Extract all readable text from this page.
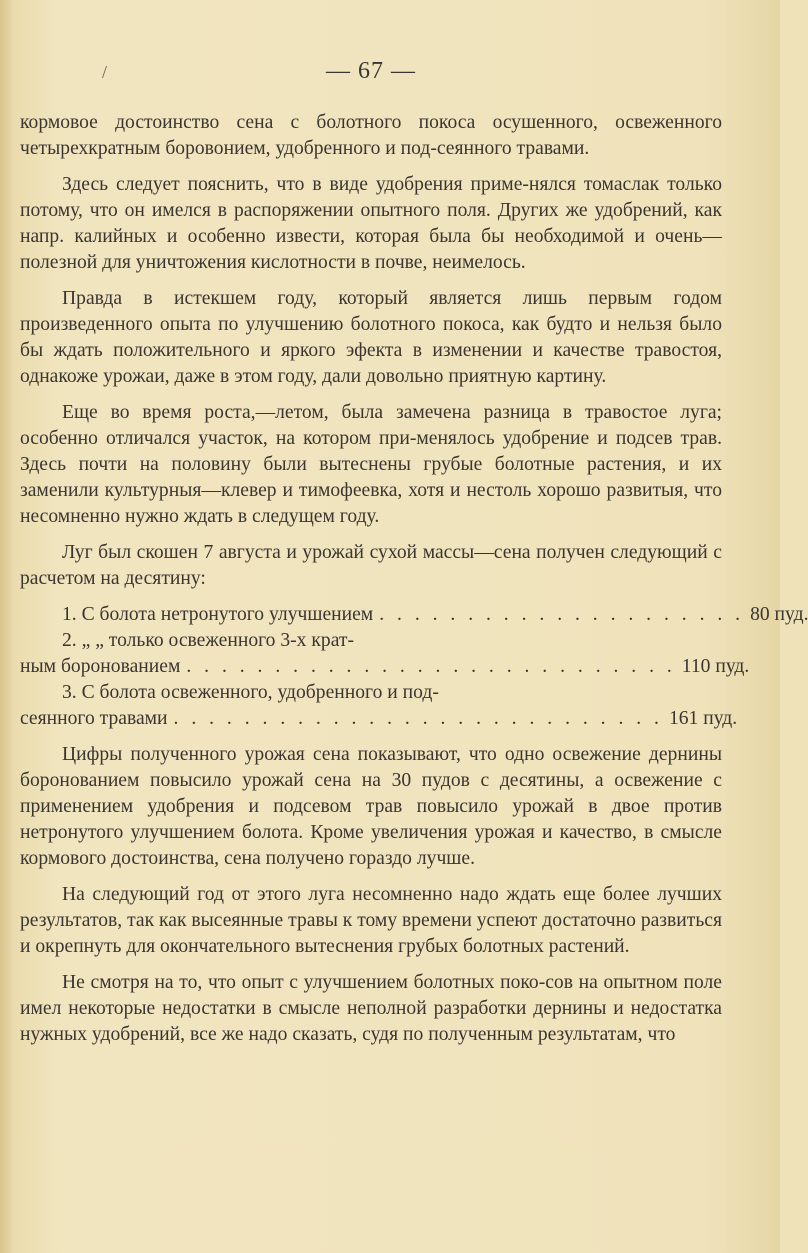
/	— 67 —

кормовое достоинство сена с болотного покоса осушенного, освеженного четырехкратным боровонием, удобренного и под-сеянного травами.

Здесь следует пояснить, что в виде удобрения приме-нялся томаслак только потому, что он имелся в распоряжении опытного поля. Других же удобрений, как напр. калийных и особенно извести, которая была бы необходимой и очень— полезной для уничтожения кислотности в почве, неимелось.

Правда в истекшем году, который является лишь первым годом произведенного опыта по улучшению болотного покоса, как будто и нельзя было бы ждать положительного и яркого эфекта в изменении и качестве травостоя, однакоже урожаи, даже в этом году, дали довольно приятную картину.

Еще во время роста,—летом, была замечена разница в травостое луга; особенно отличался участок, на котором при-менялось удобрение и подсев трав. Здесь почти на половину были вытеснены грубые болотные растения, и их заменили культурныя—клевер и тимофеевка, хотя и нестоль хорошо развитыя, что несомненно нужно ждать в следущем году.

Луг был скошен 7 августа и урожай сухой массы—сена получен следующий с расчетом на десятину:

1. С болота нетронутого улучшением . . . . . . . . . . . . . . . . . . . . . 80 пуд.
2. „ „ только освеженного 3-х крат-
ным боронованием . . . . . . . . . . . . . . . . . . . . . . . . . . . . 110 пуд.
3. С болота освеженного, удобренного и под-
сеянного травами . . . . . . . . . . . . . . . . . . . . . . . . . . . . 161 пуд.

Цифры полученного урожая сена показывают, что одно освежение дернины боронованием повысило урожай сена на 30 пудов с десятины, а освежение с применением удобрения и подсевом трав повысило урожай в двое против нетронутого улучшением болота. Кроме увеличения урожая и качество, в смысле кормового достоинства, сена получено гораздо лучше.

На следующий год от этого луга несомненно надо ждать еще более лучших результатов, так как высеянные травы к тому времени успеют достаточно развиться и окрепнуть для окончательного вытеснения грубых болотных растений.

Не смотря на то, что опыт с улучшением болотных поко-сов на опытном поле имел некоторые недостатки в смысле неполной разработки дернины и недостатка нужных удобрений, все же надо сказать, судя по полученным результатам, что
